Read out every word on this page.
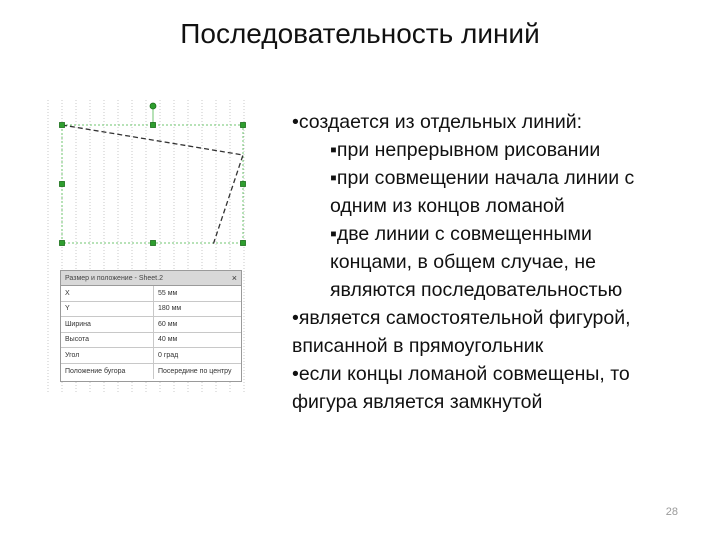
Последовательность линий
Размер и положение - Sheet.2	×
X	55 мм
Y	180 мм
Ширина	60 мм
Высота	40 мм
Угол	0 град
Положение бугора	Посередине по центру

•создается из отдельных линий:

▪при непрерывном рисовании

▪при совмещении начала линии с

одним из концов ломаной

▪две линии с совмещенными

концами, в общем случае, не

являются последовательностью

•является самостоятельной фигурой,

вписанной в прямоугольник

•если концы ломаной совмещены, то

фигура является замкнутой

28
